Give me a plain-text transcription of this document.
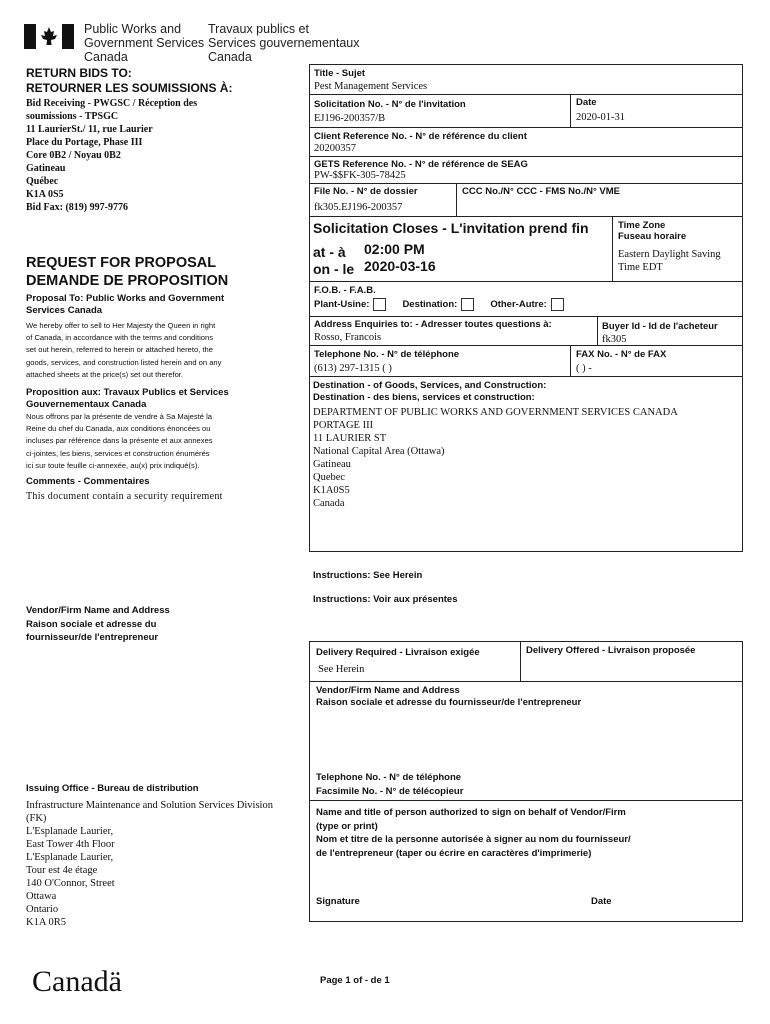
Public Works and
Government Services
Canada
Travaux publics et
Services gouvernementaux
Canada
RETURN BIDS TO:
RETOURNER LES SOUMISSIONS À:
Bid Receiving - PWGSC / Réception des
soumissions - TPSGC
11 LaurierSt./ 11, rue Laurier
Place du Portage, Phase III
Core 0B2 / Noyau 0B2
Gatineau
Québec
K1A 0S5
Bid Fax: (819) 997-9776
REQUEST FOR PROPOSAL
DEMANDE DE PROPOSITION
Proposal To: Public Works and Government
Services Canada
We hereby offer to sell to Her Majesty the Queen in right
of Canada, in accordance with the terms and conditions
set out herein, referred to herein or attached hereto, the
goods, services, and construction listed herein and on any
attached sheets at the price(s) set out therefor.
Proposition aux: Travaux Publics et Services
Gouvernementaux Canada
Nous offrons par la présente de vendre à Sa Majesté la
Reine du chef du Canada, aux conditions énoncées ou
incluses par référence dans la présente et aux annexes
ci-jointes, les biens, services et construction énumérés
ici sur toute feuille ci-annexée, au(x) prix indiqué(s).
Comments - Commentaires
This document contain a security requirement
Vendor/Firm Name and Address
Raison sociale et adresse du
fournisseur/de l'entrepreneur
Issuing Office - Bureau de distribution
Infrastructure Maintenance and Solution Services Division
(FK)
L'Esplanade Laurier,
East Tower 4th Floor
L'Esplanade Laurier,
Tour est 4e étage
140 O'Connor, Street
Ottawa
Ontario
K1A 0R5
Canadä	Page 1 of - de 1
Title - Sujet
Pest Management Services
Solicitation No. - N° de l'invitation
EJ196-200357/B
Date
2020-01-31
Client Reference No. - N° de référence du client
20200357
GETS Reference No. - N° de référence de SEAG
PW-$$FK-305-78425
File No. - N° de dossier
fk305.EJ196-200357
CCC No./N° CCC - FMS No./N° VME
Solicitation Closes - L'invitation prend fin
at - à 02:00 PM
on - le 2020-03-16
Time Zone
Fuseau horaire
Eastern Daylight Saving
Time EDT
F.O.B. - F.A.B.
Plant-Usine:	Destination:	Other-Autre:
Address Enquiries to: - Adresser toutes questions à:
Rosso, Francois
Buyer Id - Id de l'acheteur
fk305
Telephone No. - N° de téléphone
(613) 297-1315 ( )
FAX No. - N° de FAX
( ) -
Destination - of Goods, Services, and Construction:
Destination - des biens, services et construction:
DEPARTMENT OF PUBLIC WORKS AND GOVERNMENT SERVICES CANADA
PORTAGE III
11 LAURIER ST
National Capital Area (Ottawa)
Gatineau
Quebec
K1A0S5
Canada
Instructions: See Herein
Instructions: Voir aux présentes
Delivery Required - Livraison exigée
See Herein
Delivery Offered - Livraison proposée
Vendor/Firm Name and Address
Raison sociale et adresse du fournisseur/de l'entrepreneur
Telephone No. - N° de téléphone
Facsimile No. - N° de télécopieur
Name and title of person authorized to sign on behalf of Vendor/Firm
(type or print)
Nom et titre de la personne autorisée à signer au nom du fournisseur/
de l'entrepreneur (taper ou écrire en caractères d'imprimerie)
Signature	Date
